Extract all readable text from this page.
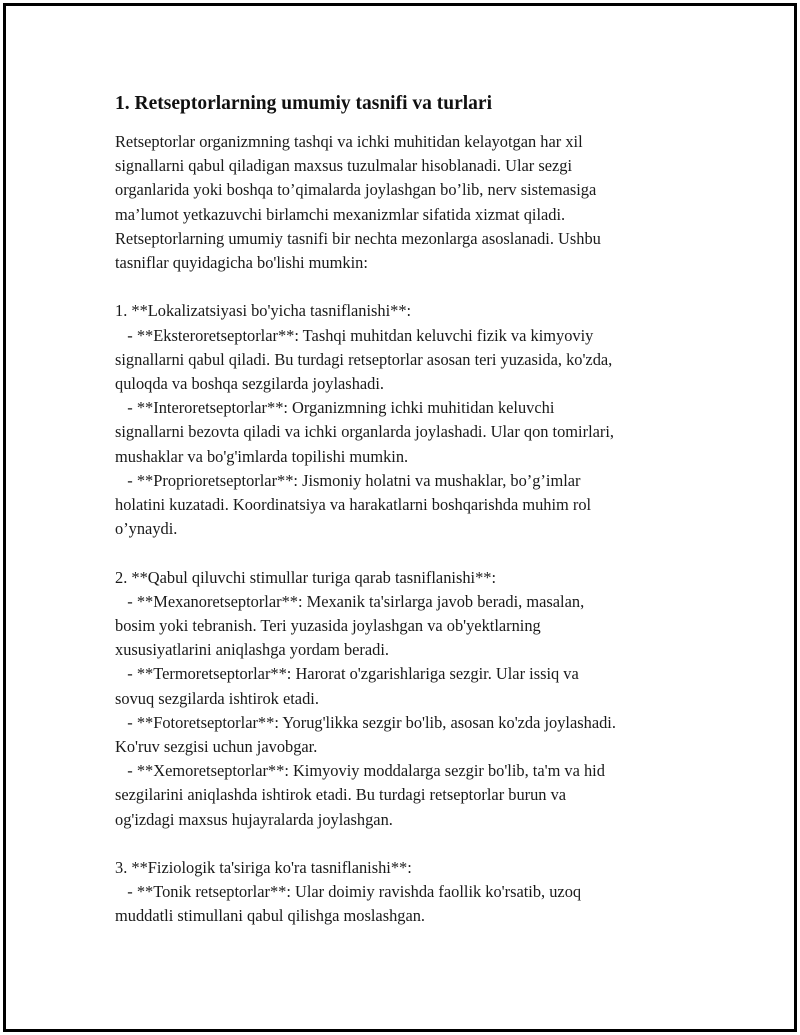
1. Retseptorlarning umumiy tasnifi va turlari

Retseptorlar organizmning tashqi va ichki muhitidan kelayotgan har xil

signallarni qabul qiladigan maxsus tuzulmalar hisoblanadi. Ular sezgi

organlarida yoki boshqa to’qimalarda joylashgan bo’lib, nerv sistemasiga

ma’lumot yetkazuvchi birlamchi mexanizmlar sifatida xizmat qiladi.

Retseptorlarning umumiy tasnifi bir nechta mezonlarga asoslanadi. Ushbu

tasniflar quyidagicha bo'lishi mumkin:

1. **Lokalizatsiyasi bo'yicha tasniflanishi**:

- **Eksteroretseptorlar**: Tashqi muhitdan keluvchi fizik va kimyoviy

signallarni qabul qiladi. Bu turdagi retseptorlar asosan teri yuzasida, ko'zda,

quloqda va boshqa sezgilarda joylashadi.

- **Interoretseptorlar**: Organizmning ichki muhitidan keluvchi

signallarni bezovta qiladi va ichki organlarda joylashadi. Ular qon tomirlari,

mushaklar va bo'g'imlarda topilishi mumkin.

- **Proprioretseptorlar**: Jismoniy holatni va mushaklar, bo’g’imlar

holatini kuzatadi. Koordinatsiya va harakatlarni boshqarishda muhim rol

o’ynaydi.

2. **Qabul qiluvchi stimullar turiga qarab tasniflanishi**:

- **Mexanoretseptorlar**: Mexanik ta'sirlarga javob beradi, masalan,

bosim yoki tebranish. Teri yuzasida joylashgan va ob'yektlarning

xususiyatlarini aniqlashga yordam beradi.

- **Termoretseptorlar**: Harorat o'zgarishlariga sezgir. Ular issiq va

sovuq sezgilarda ishtirok etadi.

- **Fotoretseptorlar**: Yorug'likka sezgir bo'lib, asosan ko'zda joylashadi.

Ko'ruv sezgisi uchun javobgar.

- **Xemoretseptorlar**: Kimyoviy moddalarga sezgir bo'lib, ta'm va hid

sezgilarini aniqlashda ishtirok etadi. Bu turdagi retseptorlar burun va

og'izdagi maxsus hujayralarda joylashgan.

3. **Fiziologik ta'siriga ko'ra tasniflanishi**:

- **Tonik retseptorlar**: Ular doimiy ravishda faollik ko'rsatib, uzoq

muddatli stimullani qabul qilishga moslashgan.
